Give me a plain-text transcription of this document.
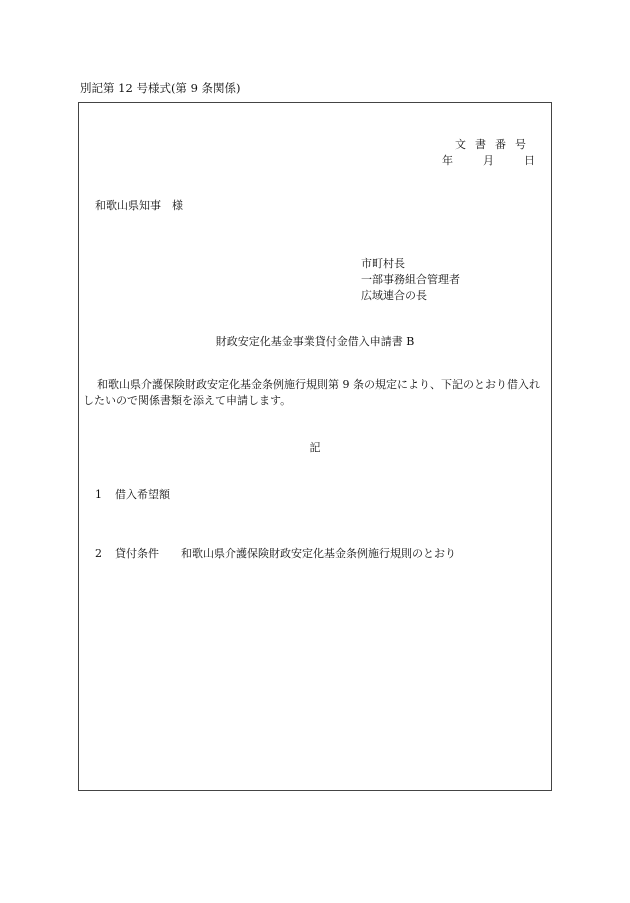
別記第 12 号様式(第 9 条関係)
文書番号
年	月	日
和歌山県知事　様
市町村長
一部事務組合管理者
広域連合の長
財政安定化基金事業貸付金借入申請書 B
和歌山県介護保険財政安定化基金条例施行規則第 9 条の規定により、下記のとおり借入れしたいので関係書類を添えて申請します。
記
1 借入希望額
2 貸付条件 和歌山県介護保険財政安定化基金条例施行規則のとおり
